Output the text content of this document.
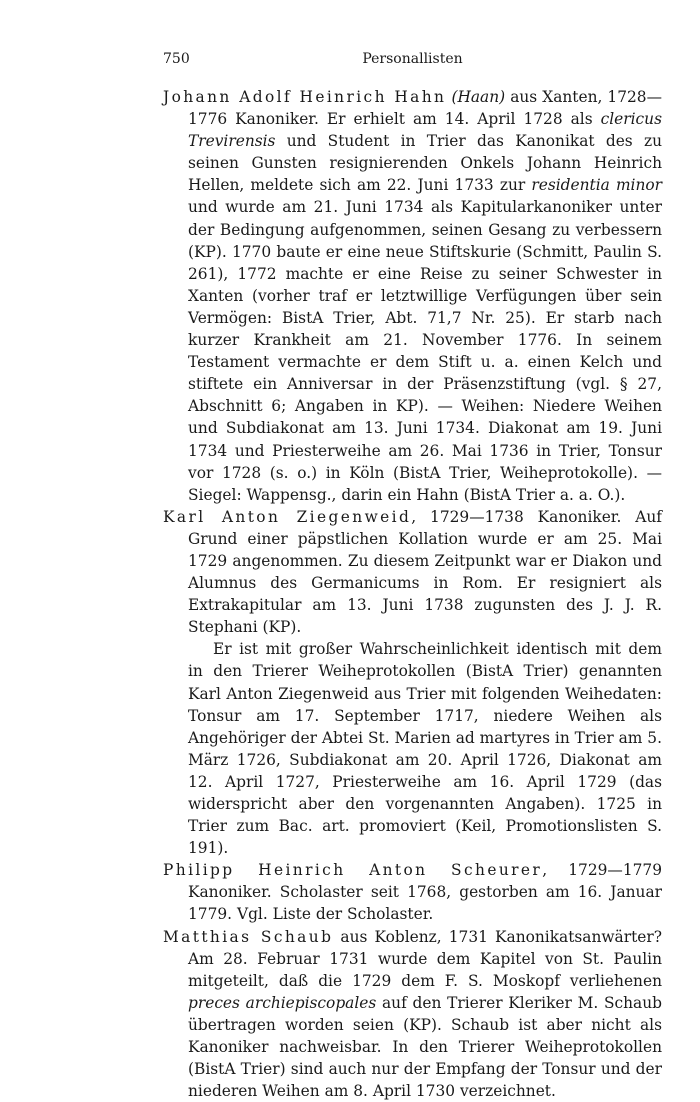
750	Personallisten

Johann Adolf Heinrich Hahn (Haan) aus Xanten, 1728—1776 Kanoniker. Er erhielt am 14. April 1728 als clericus Trevirensis und Student in Trier das Kanonikat des zu seinen Gunsten resignierenden Onkels Johann Heinrich Hellen, meldete sich am 22. Juni 1733 zur residentia minor und wurde am 21. Juni 1734 als Kapitularkanoniker unter der Bedingung aufgenommen, seinen Gesang zu verbessern (KP). 1770 baute er eine neue Stiftskurie (Schmitt, Paulin S. 261), 1772 machte er eine Reise zu seiner Schwester in Xanten (vorher traf er letztwillige Verfügungen über sein Vermögen: BistA Trier, Abt. 71,7 Nr. 25). Er starb nach kurzer Krankheit am 21. November 1776. In seinem Testament vermachte er dem Stift u. a. einen Kelch und stiftete ein Anniversar in der Präsenzstiftung (vgl. § 27, Abschnitt 6; Angaben in KP). — Weihen: Niedere Weihen und Subdiakonat am 13. Juni 1734. Diakonat am 19. Juni 1734 und Priesterweihe am 26. Mai 1736 in Trier, Tonsur vor 1728 (s. o.) in Köln (BistA Trier, Weiheprotokolle). — Siegel: Wappensg., darin ein Hahn (BistA Trier a. a. O.).

Karl Anton Ziegenweid, 1729—1738 Kanoniker. Auf Grund einer päpstlichen Kollation wurde er am 25. Mai 1729 angenommen. Zu diesem Zeitpunkt war er Diakon und Alumnus des Germanicums in Rom. Er resigniert als Extrakapitular am 13. Juni 1738 zugunsten des J. J. R. Stephani (KP).

Er ist mit großer Wahrscheinlichkeit identisch mit dem in den Trierer Weiheprotokollen (BistA Trier) genannten Karl Anton Ziegenweid aus Trier mit folgenden Weihedaten: Tonsur am 17. September 1717, niedere Weihen als Angehöriger der Abtei St. Marien ad martyres in Trier am 5. März 1726, Subdiakonat am 20. April 1726, Diakonat am 12. April 1727, Priesterweihe am 16. April 1729 (das widerspricht aber den vorgenannten Angaben). 1725 in Trier zum Bac. art. promoviert (Keil, Promotionslisten S. 191).

Philipp Heinrich Anton Scheurer, 1729—1779 Kanoniker. Scholaster seit 1768, gestorben am 16. Januar 1779. Vgl. Liste der Scholaster.

Matthias Schaub aus Koblenz, 1731 Kanonikatsanwärter? Am 28. Februar 1731 wurde dem Kapitel von St. Paulin mitgeteilt, daß die 1729 dem F. S. Moskopf verliehenen preces archiepiscopales auf den Trierer Kleriker M. Schaub übertragen worden seien (KP). Schaub ist aber nicht als Kanoniker nachweisbar. In den Trierer Weiheprotokollen (BistA Trier) sind auch nur der Empfang der Tonsur und der niederen Weihen am 8. April 1730 verzeichnet.
